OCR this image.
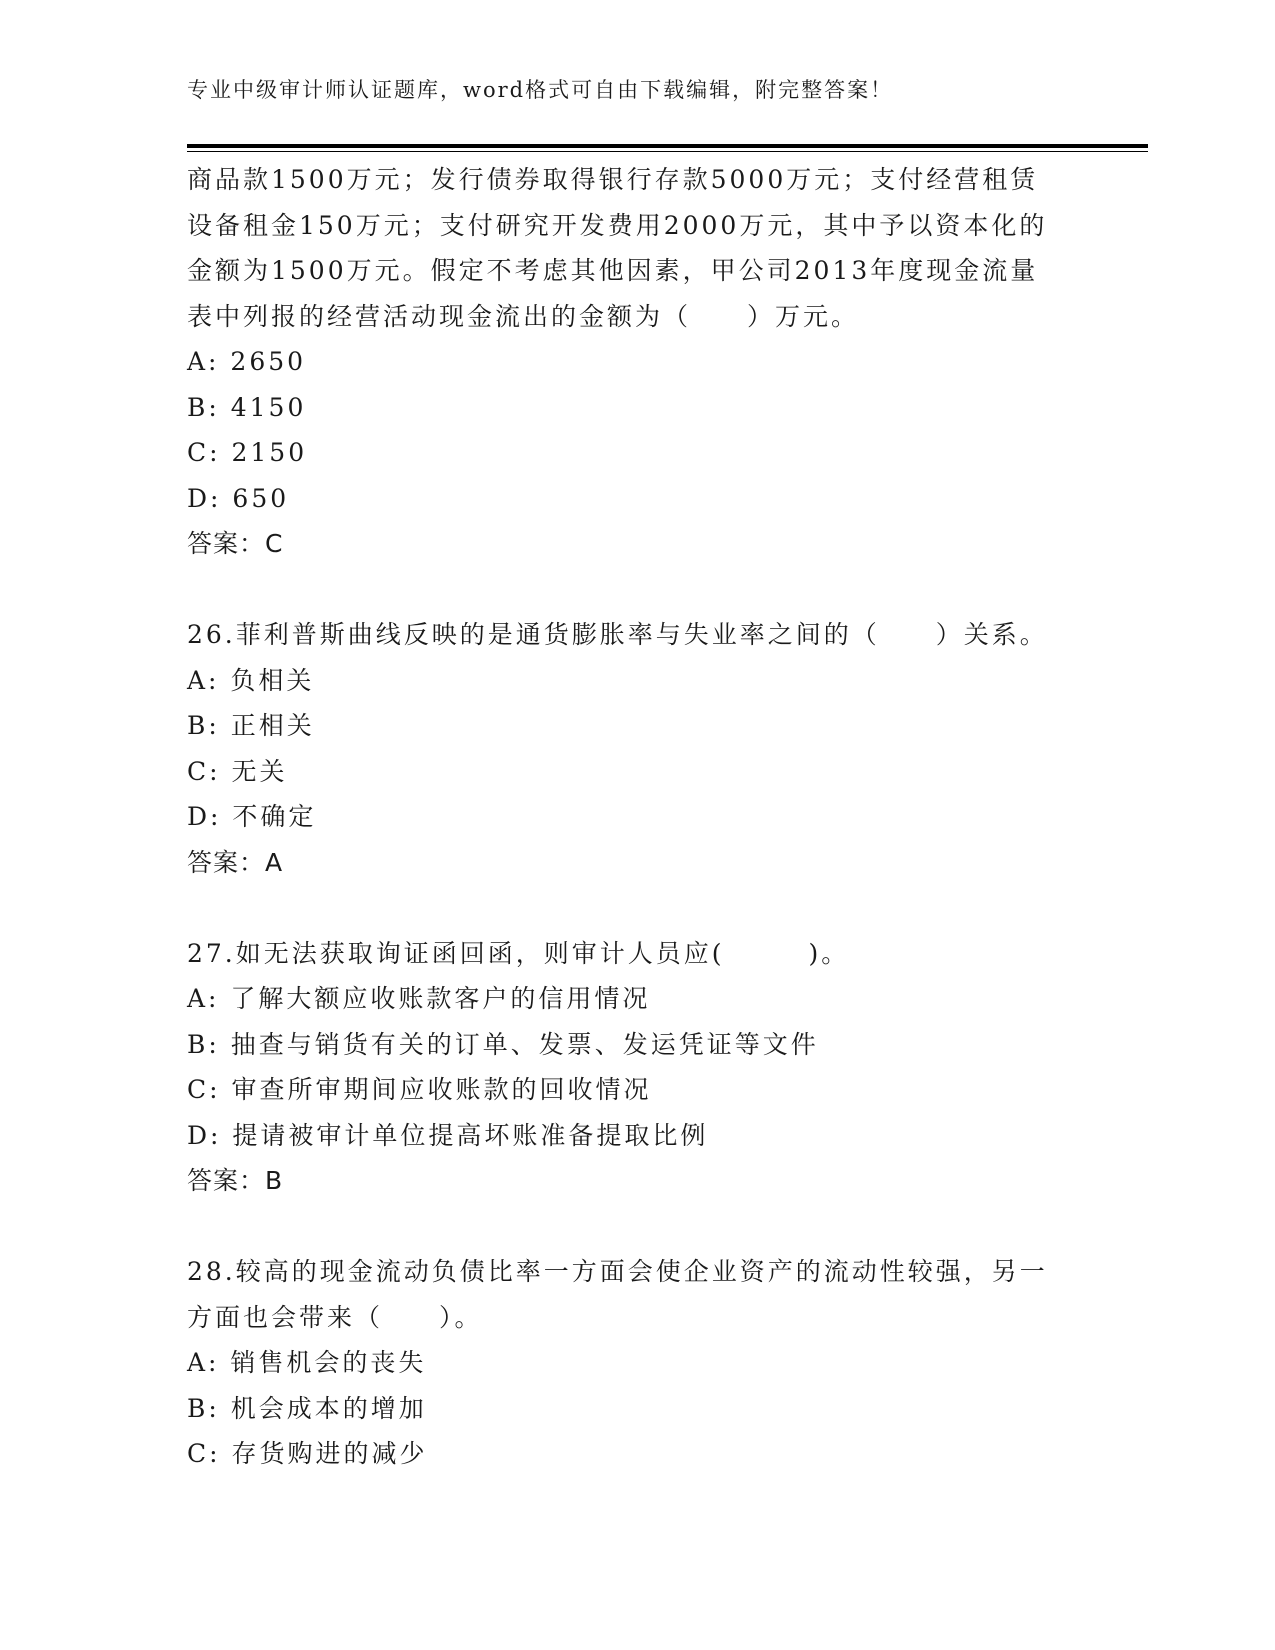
专业中级审计师认证题库，word格式可自由下载编辑，附完整答案！
商品款1500万元；发行债券取得银行存款5000万元；支付经营租赁
设备租金150万元；支付研究开发费用2000万元，其中予以资本化的
金额为1500万元。假定不考虑其他因素，甲公司2013年度现金流量
表中列报的经营活动现金流出的金额为（　　）万元。
A: 2650
B: 4150
C: 2150
D: 650
答案：C
26.菲利普斯曲线反映的是通货膨胀率与失业率之间的（　　）关系。
A: 负相关
B: 正相关
C: 无关
D: 不确定
答案：A
27.如无法获取询证函回函，则审计人员应(　　　)。
A: 了解大额应收账款客户的信用情况
B: 抽查与销货有关的订单、发票、发运凭证等文件
C: 审查所审期间应收账款的回收情况
D: 提请被审计单位提高坏账准备提取比例
答案：B
28.较高的现金流动负债比率一方面会使企业资产的流动性较强，另一
方面也会带来（　　）。
A: 销售机会的丧失
B: 机会成本的增加
C: 存货购进的减少
